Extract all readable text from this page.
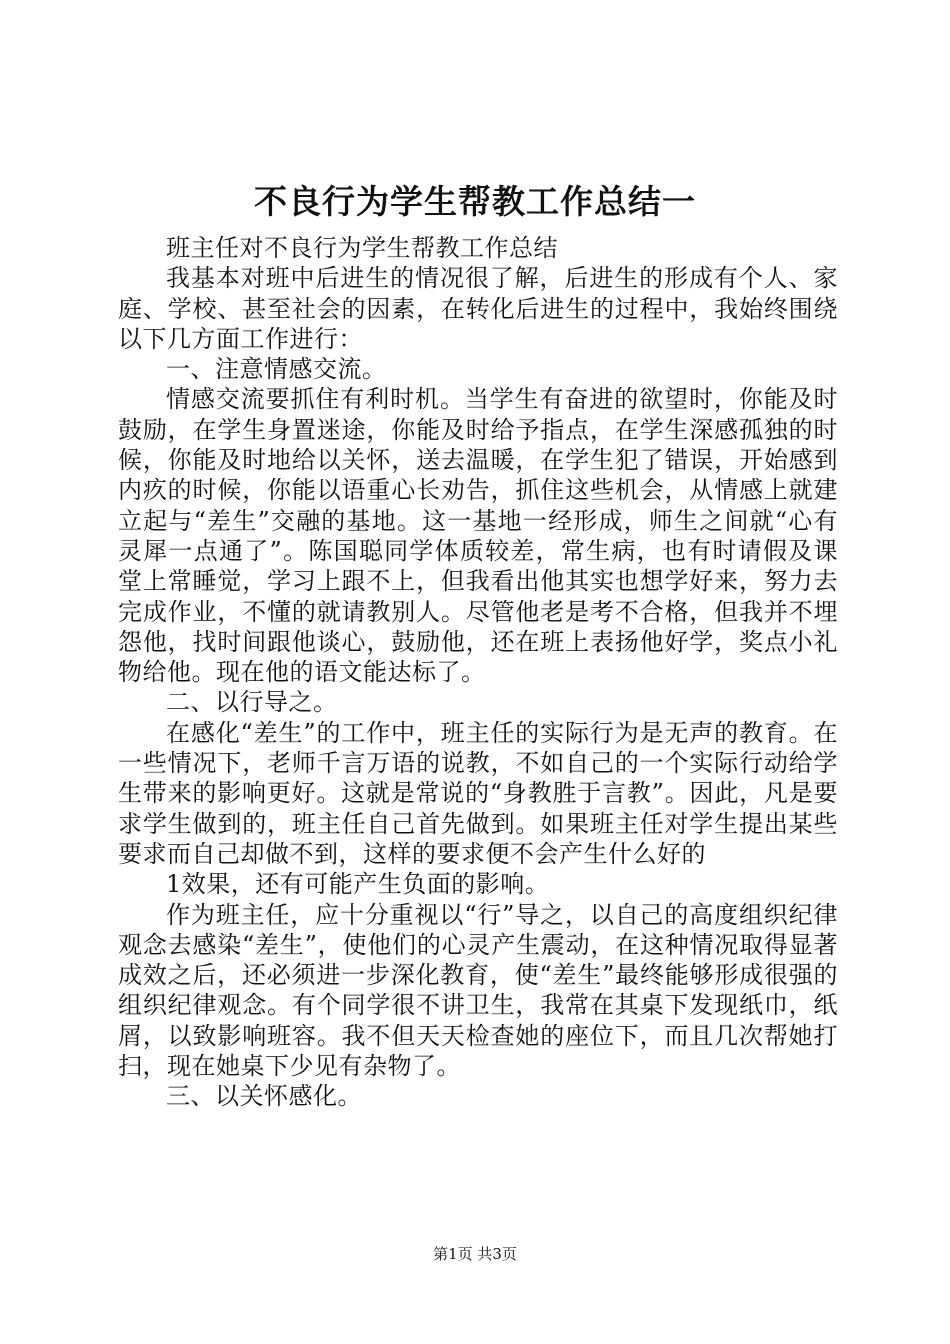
不良行为学生帮教工作总结一

班主任对不良行为学生帮教工作总结

我基本对班中后进生的情况很了解，后进生的形成有个人、家庭、学校、甚至社会的因素，在转化后进生的过程中，我始终围绕以下几方面工作进行：

一、注意情感交流。

情感交流要抓住有利时机。当学生有奋进的欲望时，你能及时鼓励，在学生身置迷途，你能及时给予指点，在学生深感孤独的时候，你能及时地给以关怀，送去温暖，在学生犯了错误，开始感到内疚的时候，你能以语重心长劝告，抓住这些机会，从情感上就建立起与“差生”交融的基地。这一基地一经形成，师生之间就“心有灵犀一点通了”。陈国聪同学体质较差，常生病，也有时请假及课堂上常睡觉，学习上跟不上，但我看出他其实也想学好来，努力去完成作业，不懂的就请教别人。尽管他老是考不合格，但我并不埋怨他，找时间跟他谈心，鼓励他，还在班上表扬他好学，奖点小礼物给他。现在他的语文能达标了。

二、以行导之。

在感化“差生”的工作中，班主任的实际行为是无声的教育。在一些情况下，老师千言万语的说教，不如自己的一个实际行动给学生带来的影响更好。这就是常说的“身教胜于言教”。因此，凡是要求学生做到的，班主任自己首先做到。如果班主任对学生提出某些要求而自己却做不到，这样的要求便不会产生什么好的

1效果，还有可能产生负面的影响。

作为班主任，应十分重视以“行”导之，以自己的高度组织纪律观念去感染“差生”，使他们的心灵产生震动，在这种情况取得显著成效之后，还必须进一步深化教育，使“差生”最终能够形成很强的组织纪律观念。有个同学很不讲卫生，我常在其桌下发现纸巾，纸屑，以致影响班容。我不但天天检查她的座位下，而且几次帮她打扫，现在她桌下少见有杂物了。

三、以关怀感化。

第1页 共3页
